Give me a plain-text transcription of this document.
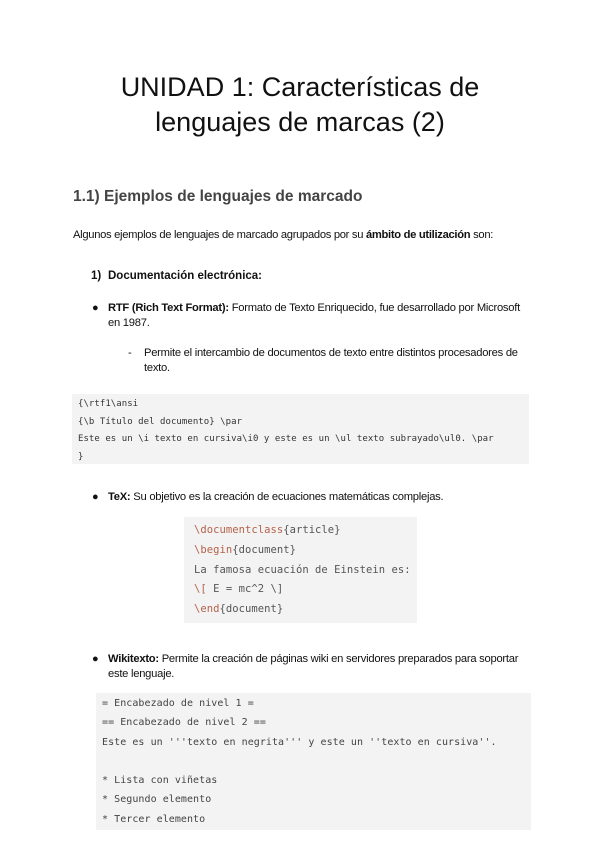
UNIDAD 1: Características de
lenguajes de marcas (2)
1.1) Ejemplos de lenguajes de marcado
Algunos ejemplos de lenguajes de marcado agrupados por su ámbito de utilización son:
1) Documentación electrónica:
● RTF (Rich Text Format): Formato de Texto Enriquecido, fue desarrollado por Microsoft en 1987.
- Permite el intercambio de documentos de texto entre distintos procesadores de texto.
{\rtf1\ansi
{\b Título del documento} \par
Este es un \i texto en cursiva\i0 y este es un \ul texto subrayado\ul0. \par
}
● TeX: Su objetivo es la creación de ecuaciones matemáticas complejas.
\documentclass{article}
\begin{document}
La famosa ecuación de Einstein es:
\[ E = mc^2 \]
\end{document}
● Wikitexto: Permite la creación de páginas wiki en servidores preparados para soportar este lenguaje.
= Encabezado de nivel 1 =
== Encabezado de nivel 2 ==
Este es un '''texto en negrita''' y este un ''texto en cursiva''.
* Lista con viñetas
* Segundo elemento
* Tercer elemento
